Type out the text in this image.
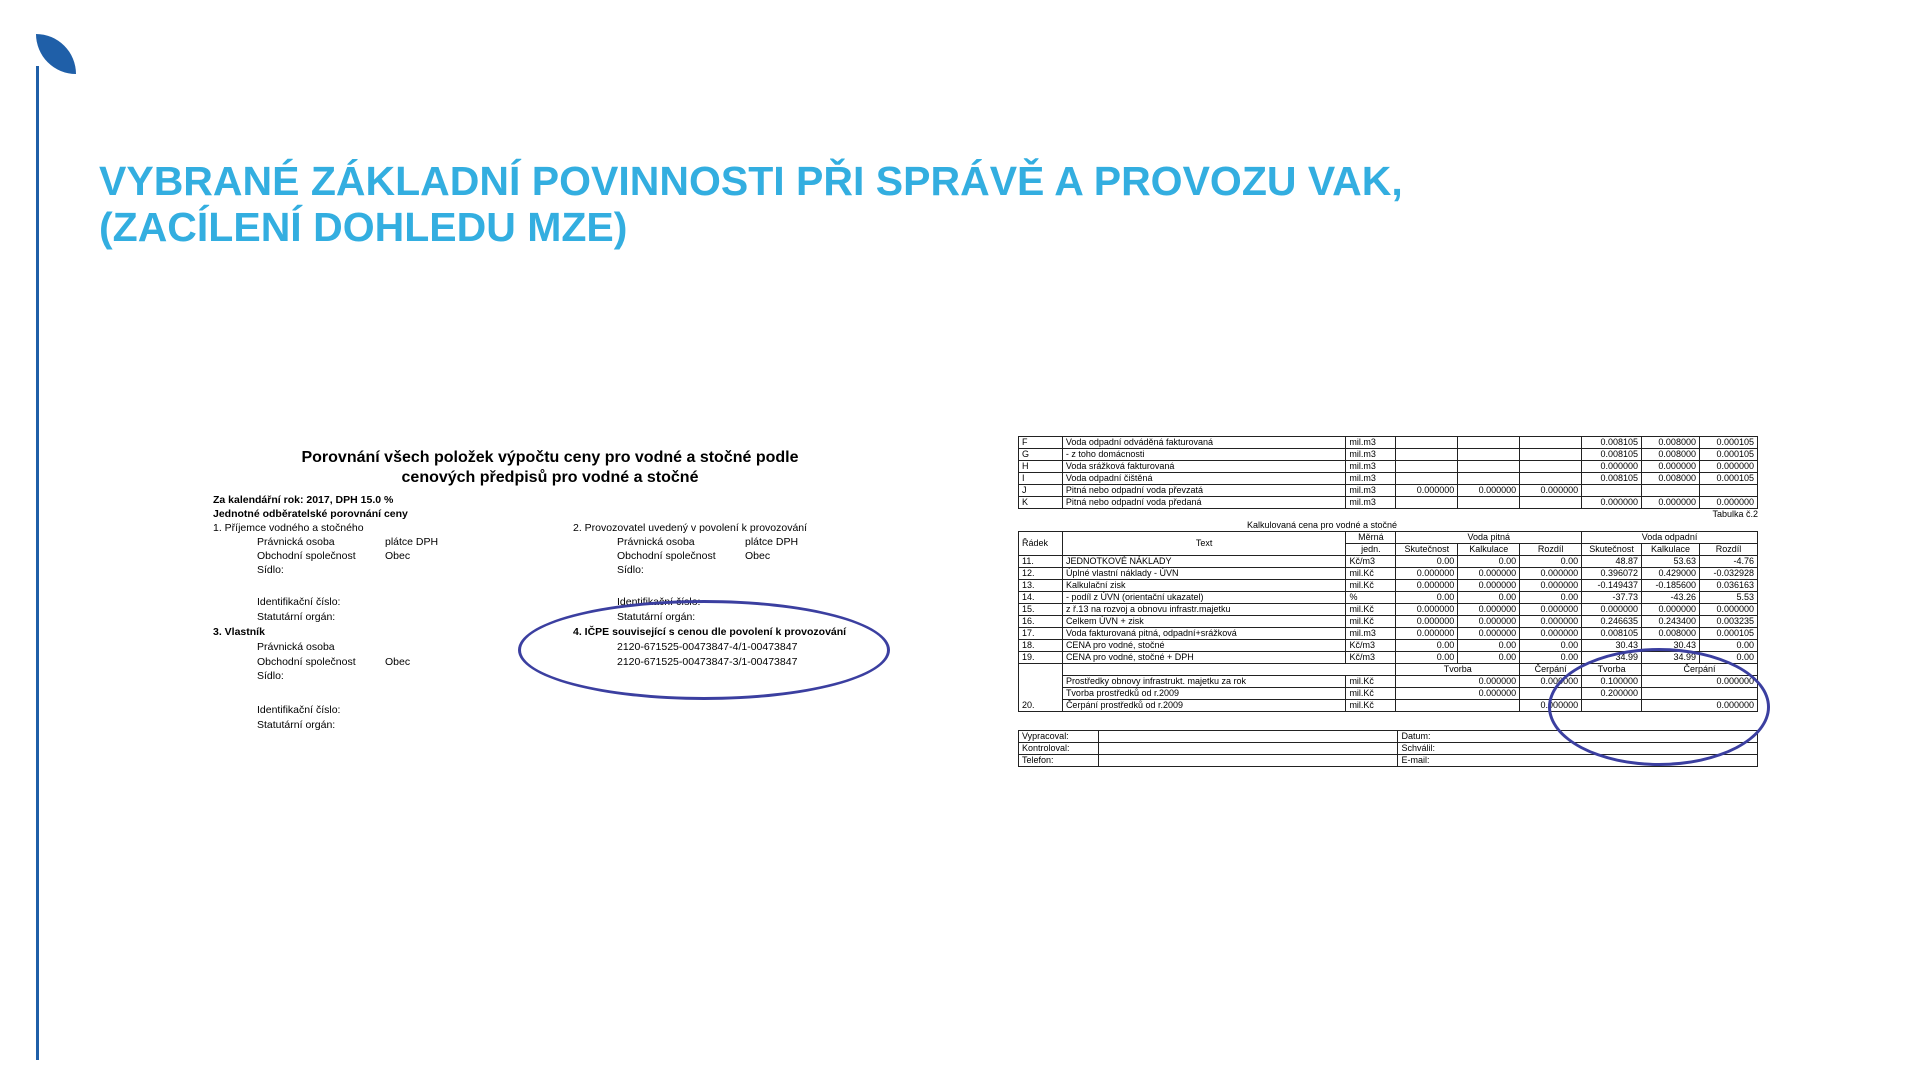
VYBRANÉ ZÁKLADNÍ POVINNOSTI PŘI SPRÁVĚ A PROVOZU VAK,
(ZACÍLENÍ DOHLEDU MZE)
Porovnání všech položek výpočtu ceny pro vodné a stočné podle
cenových předpisů pro vodné a stočné
Za kalendářní rok: 2017, DPH 15.0 %
Jednotné odběratelské porovnání ceny
1. Příjemce vodného a stočného
Právnická osoba	plátce DPH
Obchodní společnost	Obec
Sídlo:
Identifikační číslo:
Statutární orgán:
2. Provozovatel uvedený v povolení k provozování
Právnická osoba	plátce DPH
Obchodní společnost	Obec
Sídlo:
Identifikační číslo:
Statutární orgán:
3. Vlastník
Právnická osoba
Obchodní společnost	Obec
Sídlo:
Identifikační číslo:
Statutární orgán:
4. IČPE související s cenou dle povolení k provozování
2120-671525-00473847-4/1-00473847
2120-671525-00473847-3/1-00473847
F	Voda odpadní odváděná fakturovaná	mil.m3				0.008105	0.008000	0.000105
G	- z toho domácnosti	mil.m3				0.008105	0.008000	0.000105
H	Voda srážková fakturovaná	mil.m3				0.000000	0.000000	0.000000
I	Voda odpadní čištěná	mil.m3				0.008105	0.008000	0.000105
J	Pitná nebo odpadní voda převzatá	mil.m3	0.000000	0.000000	0.000000			
K	Pitná nebo odpadní voda předaná	mil.m3				0.000000	0.000000	0.000000
Tabulka č.2
	Kalkulovaná cena pro vodné a stočné							
Řádek	Text	Měrná	Voda pitná			Voda odpadní		
		jedn.	Skutečnost	Kalkulace	Rozdíl	Skutečnost	Kalkulace	Rozdíl
11.	JEDNOTKOVÉ NÁKLADY	Kč/m3	0.00	0.00	0.00	48.87	53.63	-4.76
12.	Úplné vlastní náklady - ÚVN	mil.Kč	0.000000	0.000000	0.000000	0.396072	0.429000	-0.032928
13.	Kalkulační zisk	mil.Kč	0.000000	0.000000	0.000000	-0.149437	-0.185600	0.036163
14.	- podíl z ÚVN (orientační ukazatel)	%	0.00	0.00	0.00	-37.73	-43.26	5.53
15.	z ř.13 na rozvoj a obnovu infrastr.majetku	mil.Kč	0.000000	0.000000	0.000000	0.000000	0.000000	0.000000
16.	Celkem ÚVN + zisk	mil.Kč	0.000000	0.000000	0.000000	0.246635	0.243400	0.003235
17.	Voda fakturovaná pitná, odpadní+srážková	mil.m3	0.000000	0.000000	0.000000	0.008105	0.008000	0.000105
18.	CENA pro vodné, stočné	Kč/m3	0.00	0.00	0.00	30.43	30.43	0.00
19.	CENA pro vodné, stočné + DPH	Kč/m3	0.00	0.00	0.00	34.99	34.99	0.00
20.			Tvorba		Čerpání	Tvorba	Čerpání	
	Prostředky obnovy infrastrukt. majetku za rok	mil.Kč	0.000000		0.000000	0.100000	0.000000	
	Tvorba prostředků od r.2009	mil.Kč	0.000000			0.200000		
	Čerpání prostředků od r.2009	mil.Kč			0.000000		0.000000	
Vypracoval:		Datum:
Kontroloval:		Schválil:
Telefon:		E-mail:
